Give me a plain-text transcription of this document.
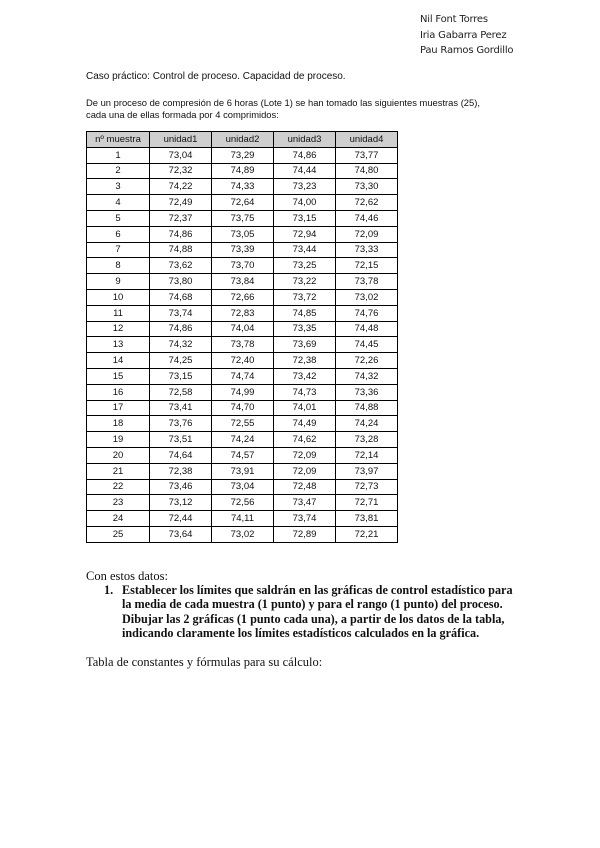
Nil Font Torres
Iria Gabarra Perez
Pau Ramos Gordillo
Caso práctico: Control de proceso. Capacidad de proceso.
De un proceso de compresión de 6 horas (Lote 1) se han tomado las siguientes muestras (25),
cada una de ellas formada por 4 comprimidos:
nº muestra	unidad1	unidad2	unidad3	unidad4
1	73,04	73,29	74,86	73,77
2	72,32	74,89	74,44	74,80
3	74,22	74,33	73,23	73,30
4	72,49	72,64	74,00	72,62
5	72,37	73,75	73,15	74,46
6	74,86	73,05	72,94	72,09
7	74,88	73,39	73,44	73,33
8	73,62	73,70	73,25	72,15
9	73,80	73,84	73,22	73,78
10	74,68	72,66	73,72	73,02
11	73,74	72,83	74,85	74,76
12	74,86	74,04	73,35	74,48
13	74,32	73,78	73,69	74,45
14	74,25	72,40	72,38	72,26
15	73,15	74,74	73,42	74,32
16	72,58	74,99	74,73	73,36
17	73,41	74,70	74,01	74,88
18	73,76	72,55	74,49	74,24
19	73,51	74,24	74,62	73,28
20	74,64	74,57	72,09	72,14
21	72,38	73,91	72,09	73,97
22	73,46	73,04	72,48	72,73
23	73,12	72,56	73,47	72,71
24	72,44	74,11	73,74	73,81
25	73,64	73,02	72,89	72,21
Con estos datos:
1. Establecer los límites que saldrán en las gráficas de control estadístico para la media de cada muestra (1 punto) y para el rango (1 punto) del proceso. Dibujar las 2 gráficas (1 punto cada una), a partir de los datos de la tabla, indicando claramente los límites estadísticos calculados en la gráfica.
Tabla de constantes y fórmulas para su cálculo:
